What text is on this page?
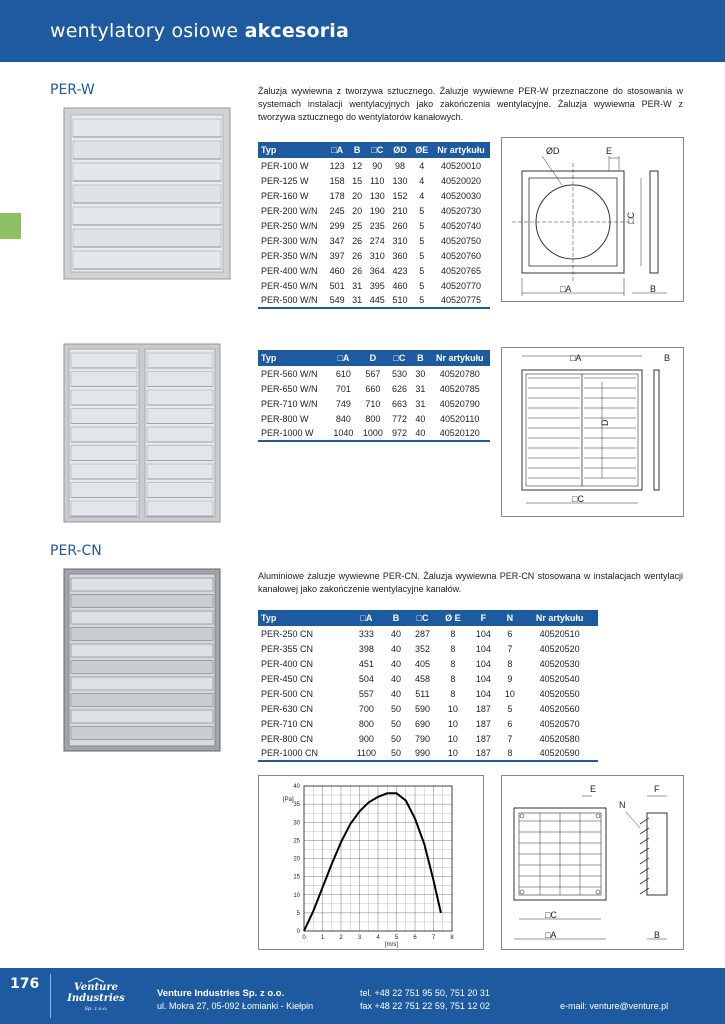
wentylatory osiowe akcesoria
PER-W	Żaluzja wywiewna z tworzywa sztucznego. Żaluzje wywiewne PER-W przeznaczone do stosowania w systemach instalacji wentylacyjnych jako zakończenia wentylacyjne. Żaluzja wywiewna PER-W z tworzywa sztucznego do wentylatorów kanałowych.
Typ	□A	B	□C	ØD	ØE	Nr artykułu
PER-100 W	123	12	90	98	4	40520010
PER-125 W	158	15	110	130	4	40520020
PER-160 W	178	20	130	152	4	40520030
PER-200 W/N	245	20	190	210	5	40520730
PER-250 W/N	299	25	235	260	5	40520740
PER-300 W/N	347	26	274	310	5	40520750
PER-350 W/N	397	26	310	360	5	40520760
PER-400 W/N	460	26	364	423	5	40520765
PER-450 W/N	501	31	395	460	5	40520770
PER-500 W/N	549	31	445	510	5	40520775
ØD	E
□C
□A	B
Typ	□A	D	□C	B	Nr artykułu
PER-560 W/N	610	567	530	30	40520780
PER-650 W/N	701	660	626	31	40520785
PER-710 W/N	749	710	663	31	40520790
PER-800 W	840	800	772	40	40520110
PER-1000 W	1040	1000	972	40	40520120
□A	B
D
□C
PER-CN
Aluminiowe żaluzje wywiewne PER-CN. Żaluzja wywiewna PER-CN stosowana w instalacjach wentylacji kanałowej jako zakończenie wentylacyjne kanałów.
Typ	□A	B	□C	Ø E	F	N	Nr artykułu
PER-250 CN	333	40	287	8	104	6	40520510
PER-355 CN	398	40	352	8	104	7	40520520
PER-400 CN	451	40	405	8	104	8	40520530
PER-450 CN	504	40	458	8	104	9	40520540
PER-500 CN	557	40	511	8	104	10	40520550
PER-630 CN	700	50	590	10	187	5	40520560
PER-710 CN	800	50	690	10	187	6	40520570
PER-800 CN	900	50	790	10	187	7	40520580
PER-1000 CN	1100	50	990	10	187	8	40520590
[Pa]
[m/s]
40
35
30
25
20
15
10
5
0
0	1	2	3	4	5	6	7	8
E	F
N
□C
□A	B
176	Venture
Industries
Sp. z o.o.
Venture Industries Sp. z o.o.
ul. Mokra 27, 05-092 Łomianki - Kiełpin
tel. +48 22 751 95 50, 751 20 31
fax +48 22 751 22 59, 751 12 02	e-mail: venture@venture.pl
